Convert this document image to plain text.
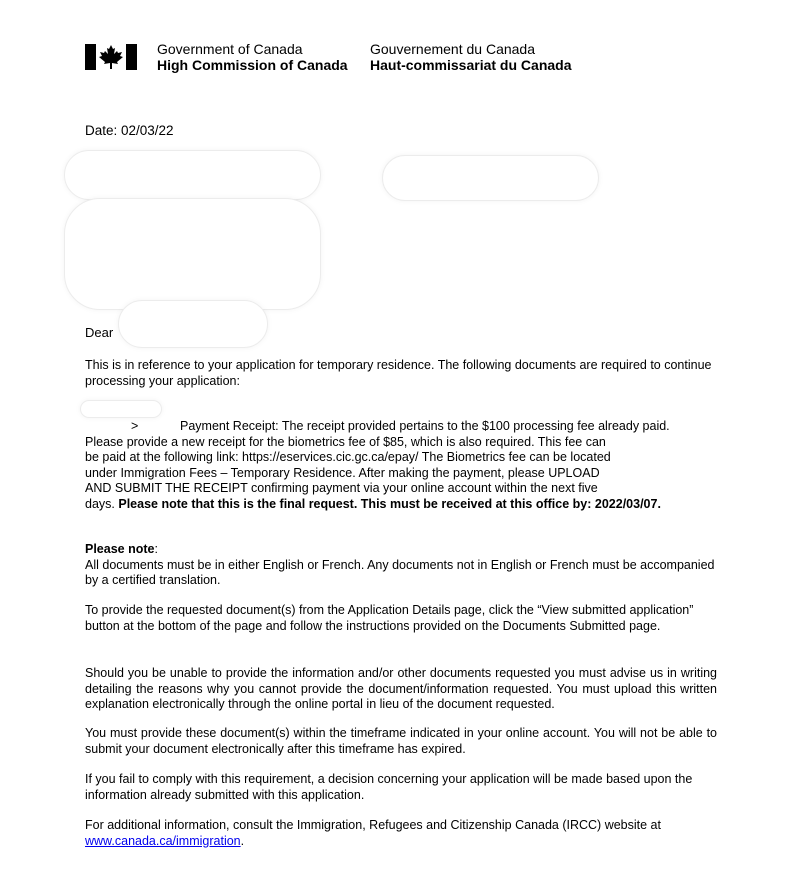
Government of Canada
High Commission of Canada
Gouvernement du Canada
Haut-commissariat du Canada
Date: 02/03/22
Dear

This is in reference to your application for temporary residence. The following documents are required to continue processing your application:

>	Payment Receipt: The receipt provided pertains to the $100 processing fee already paid.
Please provide a new receipt for the biometrics fee of $85, which is also required. This fee can
be paid at the following link: https://eservices.cic.gc.ca/epay/ The Biometrics fee can be located
under Immigration Fees – Temporary Residence. After making the payment, please UPLOAD
AND SUBMIT THE RECEIPT confirming payment via your online account within the next five
days. Please note that this is the final request. This must be received at this office by: 2022/03/07.
Please note:
All documents must be in either English or French. Any documents not in English or French must be accompanied by a certified translation.

To provide the requested document(s) from the Application Details page, click the “View submitted application” button at the bottom of the page and follow the instructions provided on the Documents Submitted page.

Should you be unable to provide the information and/or other documents requested you must advise us in writing detailing the reasons why you cannot provide the document/information requested. You must upload this written explanation electronically through the online portal in lieu of the document requested.

You must provide these document(s) within the timeframe indicated in your online account. You will not be able to submit your document electronically after this timeframe has expired.

If you fail to comply with this requirement, a decision concerning your application will be made based upon the information already submitted with this application.

For additional information, consult the Immigration, Refugees and Citizenship Canada (IRCC) website at
www.canada.ca/immigration.
